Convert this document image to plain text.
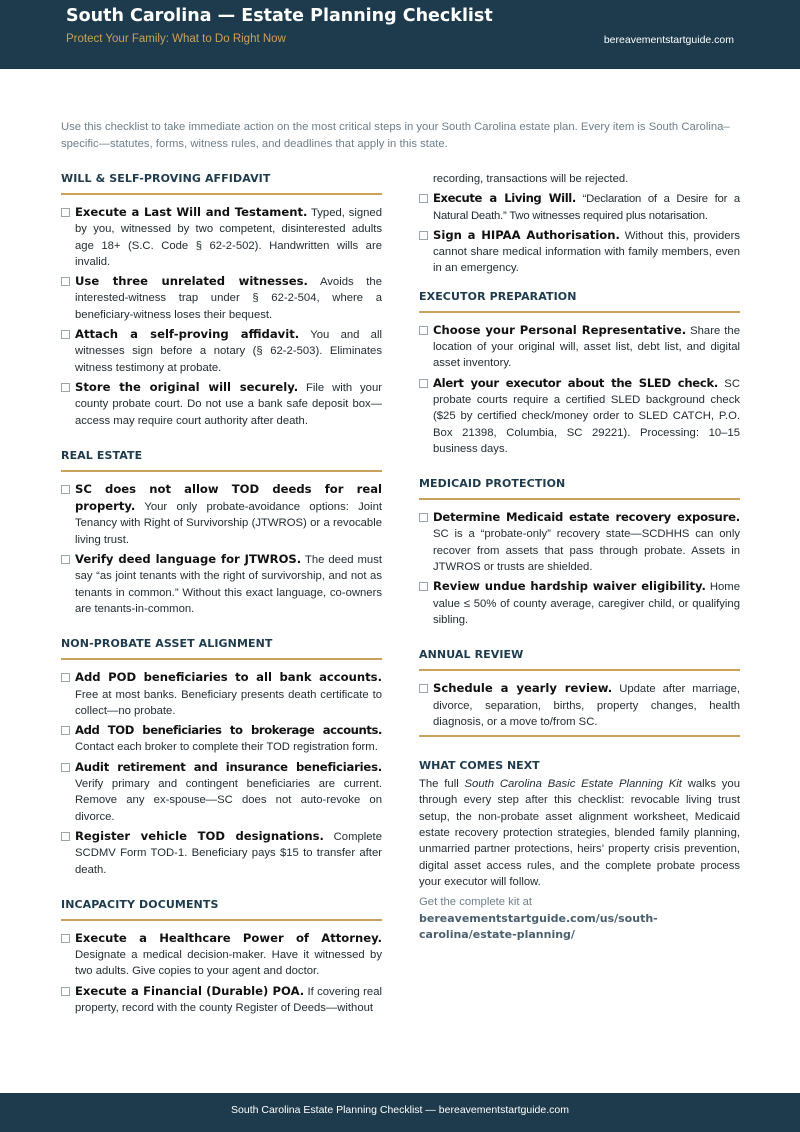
South Carolina — Estate Planning Checklist
Protect Your Family: What to Do Right Now	bereavementstartguide.com
Use this checklist to take immediate action on the most critical steps in your South Carolina estate plan. Every item is South Carolina–specific—statutes, forms, witness rules, and deadlines that apply in this state.
WILL & SELF-PROVING AFFIDAVIT
Execute a Last Will and Testament. Typed, signed by you, witnessed by two competent, disinterested adults age 18+ (S.C. Code § 62-2-502). Handwritten wills are invalid.
Use three unrelated witnesses. Avoids the interested-witness trap under § 62-2-504, where a beneficiary-witness loses their bequest.
Attach a self-proving affidavit. You and all witnesses sign before a notary (§ 62-2-503). Eliminates witness testimony at probate.
Store the original will securely. File with your county probate court. Do not use a bank safe deposit box—access may require court authority after death.
REAL ESTATE
SC does not allow TOD deeds for real property. Your only probate-avoidance options: Joint Tenancy with Right of Survivorship (JTWROS) or a revocable living trust.
Verify deed language for JTWROS. The deed must say “as joint tenants with the right of survivorship, and not as tenants in common.” Without this exact language, co-owners are tenants-in-common.
NON-PROBATE ASSET ALIGNMENT
Add POD beneficiaries to all bank accounts. Free at most banks. Beneficiary presents death certificate to collect—no probate.
Add TOD beneficiaries to brokerage accounts. Contact each broker to complete their TOD registration form.
Audit retirement and insurance beneficiaries. Verify primary and contingent beneficiaries are current. Remove any ex-spouse—SC does not auto-revoke on divorce.
Register vehicle TOD designations. Complete SCDMV Form TOD-1. Beneficiary pays $15 to transfer after death.
INCAPACITY DOCUMENTS
Execute a Healthcare Power of Attorney. Designate a medical decision-maker. Have it witnessed by two adults. Give copies to your agent and doctor.
Execute a Financial (Durable) POA. If covering real property, record with the county Register of Deeds—without
recording, transactions will be rejected.
Execute a Living Will. “Declaration of a Desire for a Natural Death.” Two witnesses required plus notarisation.
Sign a HIPAA Authorisation. Without this, providers cannot share medical information with family members, even in an emergency.
EXECUTOR PREPARATION
Choose your Personal Representative. Share the location of your original will, asset list, debt list, and digital asset inventory.
Alert your executor about the SLED check. SC probate courts require a certified SLED background check ($25 by certified check/money order to SLED CATCH, P.O. Box 21398, Columbia, SC 29221). Processing: 10–15 business days.
MEDICAID PROTECTION
Determine Medicaid estate recovery exposure. SC is a “probate-only” recovery state—SCDHHS can only recover from assets that pass through probate. Assets in JTWROS or trusts are shielded.
Review undue hardship waiver eligibility. Home value ≤ 50% of county average, caregiver child, or qualifying sibling.
ANNUAL REVIEW
Schedule a yearly review. Update after marriage, divorce, separation, births, property changes, health diagnosis, or a move to/from SC.
WHAT COMES NEXT
The full South Carolina Basic Estate Planning Kit walks you through every step after this checklist: revocable living trust setup, the non-probate asset alignment worksheet, Medicaid estate recovery protection strategies, blended family planning, unmarried partner protections, heirs’ property crisis prevention, digital asset access rules, and the complete probate process your executor will follow.
Get the complete kit at
bereavementstartguide.com/us/south-carolina/estate-planning/
South Carolina Estate Planning Checklist — bereavementstartguide.com
